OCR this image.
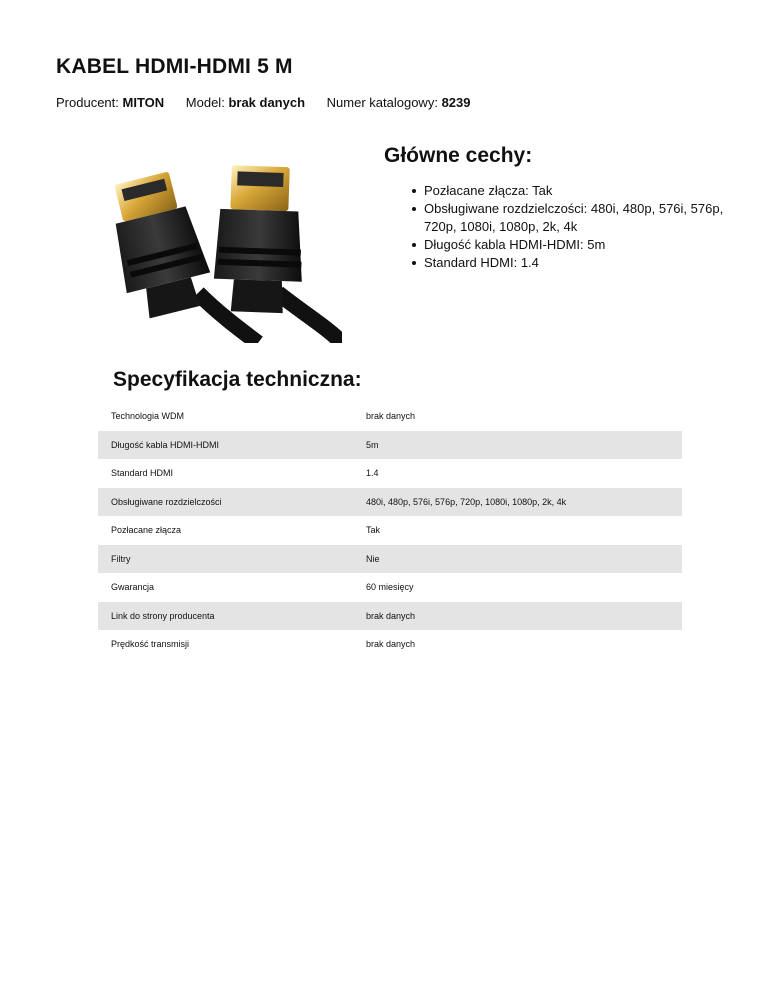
KABEL HDMI-HDMI 5 M
Producent: MITON Model: brak danych Numer katalogowy: 8239
Główne cechy:
Pozłacane złącza: Tak
Obsługiwane rozdzielczości: 480i, 480p, 576i, 576p, 720p, 1080i, 1080p, 2k, 4k
Długość kabla HDMI-HDMI: 5m
Standard HDMI: 1.4
Specyfikacja techniczna:
Technologia WDM	brak danych
Długość kabla HDMI-HDMI	5m
Standard HDMI	1.4
Obsługiwane rozdzielczości	480i, 480p, 576i, 576p, 720p, 1080i, 1080p, 2k, 4k
Pozłacane złącza	Tak
Filtry	Nie
Gwarancja	60 miesięcy
Link do strony producenta	brak danych
Prędkość transmisji	brak danych
